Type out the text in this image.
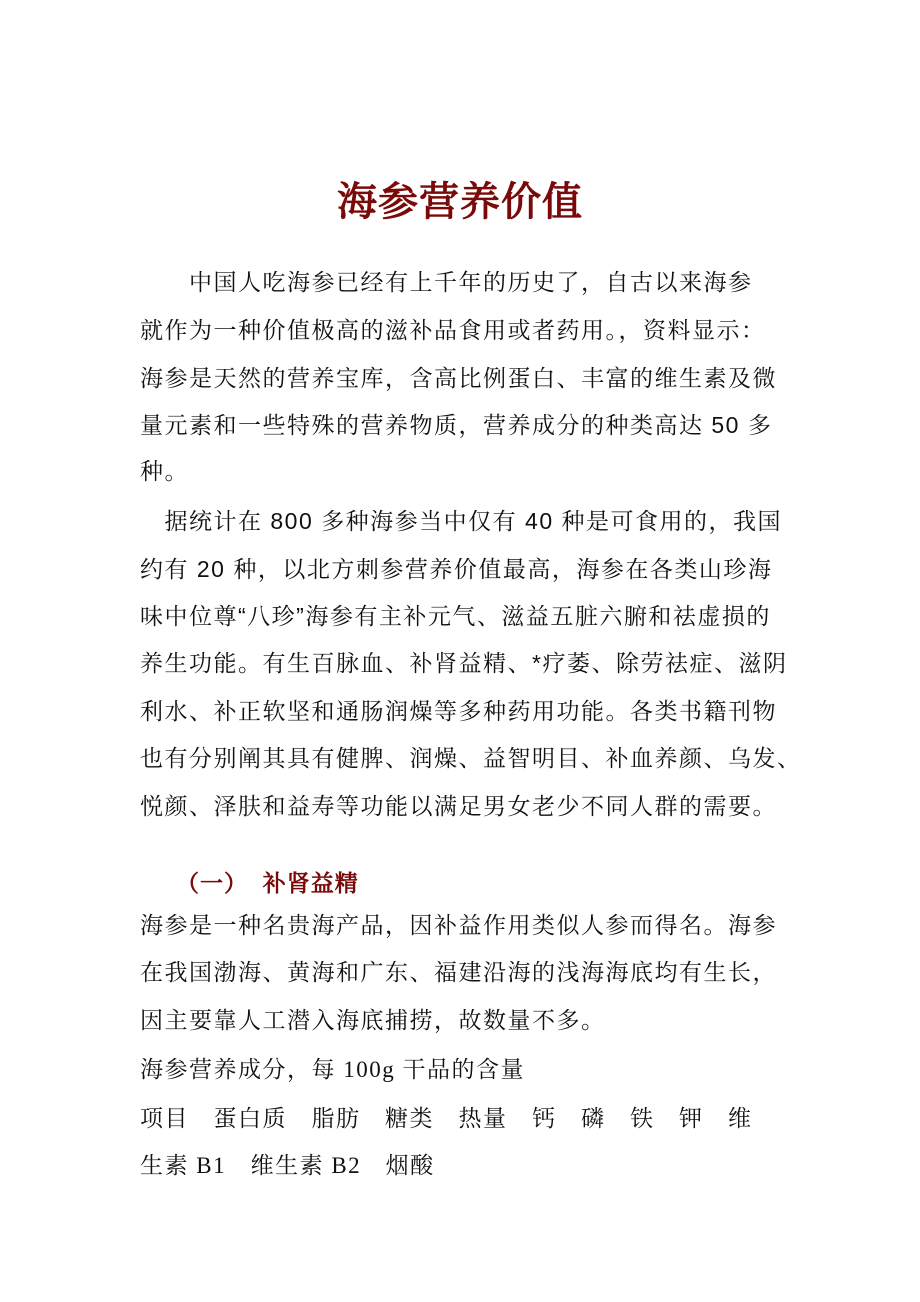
海参营养价值
　　中国人吃海参已经有上千年的历史了，自古以来海参
就作为一种价值极高的滋补品食用或者药用。，资料显示：
海参是天然的营养宝库，含高比例蛋白、丰富的维生素及微
量元素和一些特殊的营养物质，营养成分的种类高达 50 多
种。
　据统计在 800 多种海参当中仅有 40 种是可食用的，我国
约有 20 种，以北方刺参营养价值最高，海参在各类山珍海
味中位尊“八珍”海参有主补元气、滋益五脏六腑和祛虚损的
养生功能。有生百脉血、补肾益精、*疗萎、除劳祛症、滋阴
利水、补正软坚和通肠润燥等多种药用功能。各类书籍刊物
也有分别阐其具有健脾、润燥、益智明目、补血养颜、乌发、
悦颜、泽肤和益寿等功能以满足男女老少不同人群的需要。
（一）  补肾益精
海参是一种名贵海产品，因补益作用类似人参而得名。海参
在我国渤海、黄海和广东、福建沿海的浅海海底均有生长，
因主要靠人工潜入海底捕捞，故数量不多。
海参营养成分，每 100g 干品的含量
项目　蛋白质　脂肪　糖类　热量　钙　磷　铁　钾　维
生素 B1　维生素 B2　烟酸
